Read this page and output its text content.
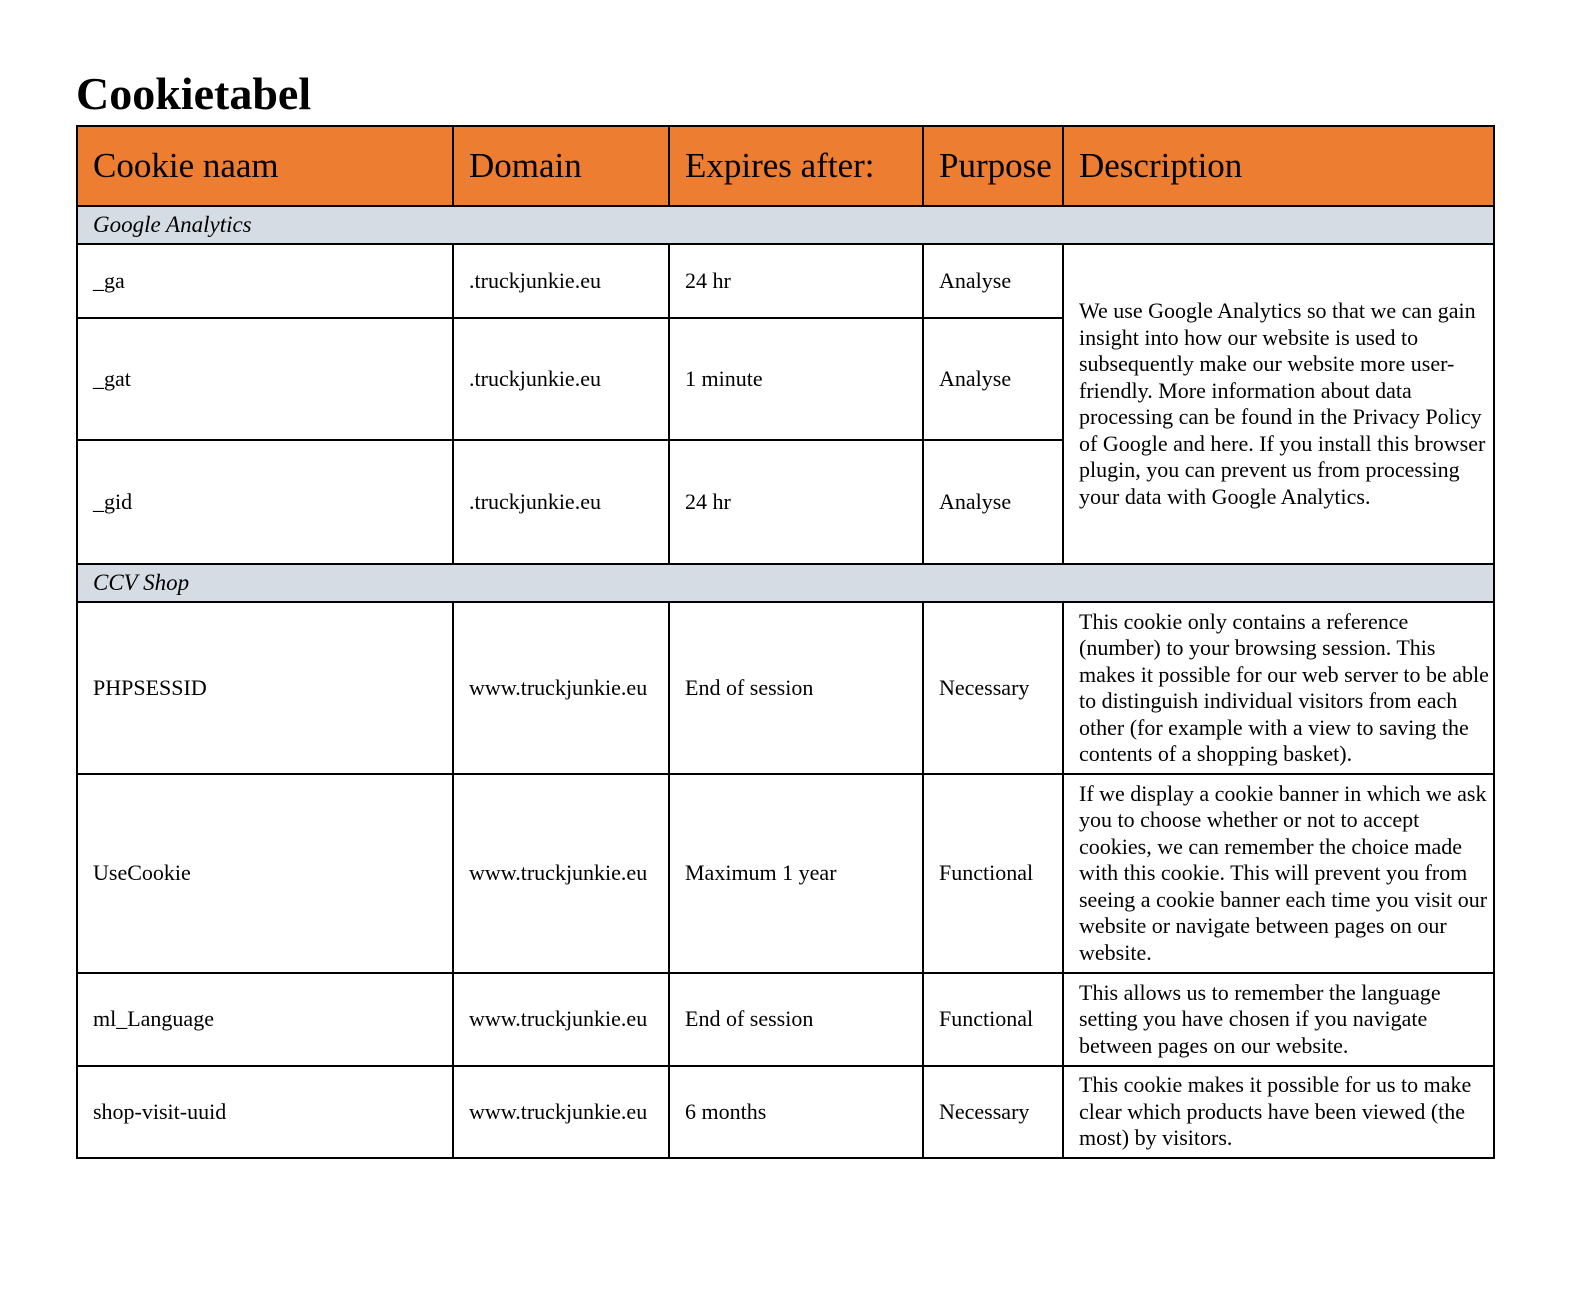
Cookietabel
Cookie naam	Domain	Expires after:	Purpose	Description
Google Analytics				
_ga	.truckjunkie.eu	24 hr	Analyse	We use Google Analytics so that we can gain insight into how our website is used to subsequently make our website more user-friendly. More information about data processing can be found in the Privacy Policy of Google and here. If you install this browser plugin, you can prevent us from processing your data with Google Analytics.
_gat	.truckjunkie.eu	1 minute	Analyse	
_gid	.truckjunkie.eu	24 hr	Analyse	
CCV Shop				
PHPSESSID	www.truckjunkie.eu	End of session	Necessary	This cookie only contains a reference (number) to your browsing session. This makes it possible for our web server to be able to distinguish individual visitors from each other (for example with a view to saving the contents of a shopping basket).
UseCookie	www.truckjunkie.eu	Maximum 1 year	Functional	If we display a cookie banner in which we ask you to choose whether or not to accept cookies, we can remember the choice made with this cookie. This will prevent you from seeing a cookie banner each time you visit our website or navigate between pages on our website.
ml_Language	www.truckjunkie.eu	End of session	Functional	This allows us to remember the language setting you have chosen if you navigate between pages on our website.
shop-visit-uuid	www.truckjunkie.eu	6 months	Necessary	This cookie makes it possible for us to make clear which products have been viewed (the most) by visitors.
